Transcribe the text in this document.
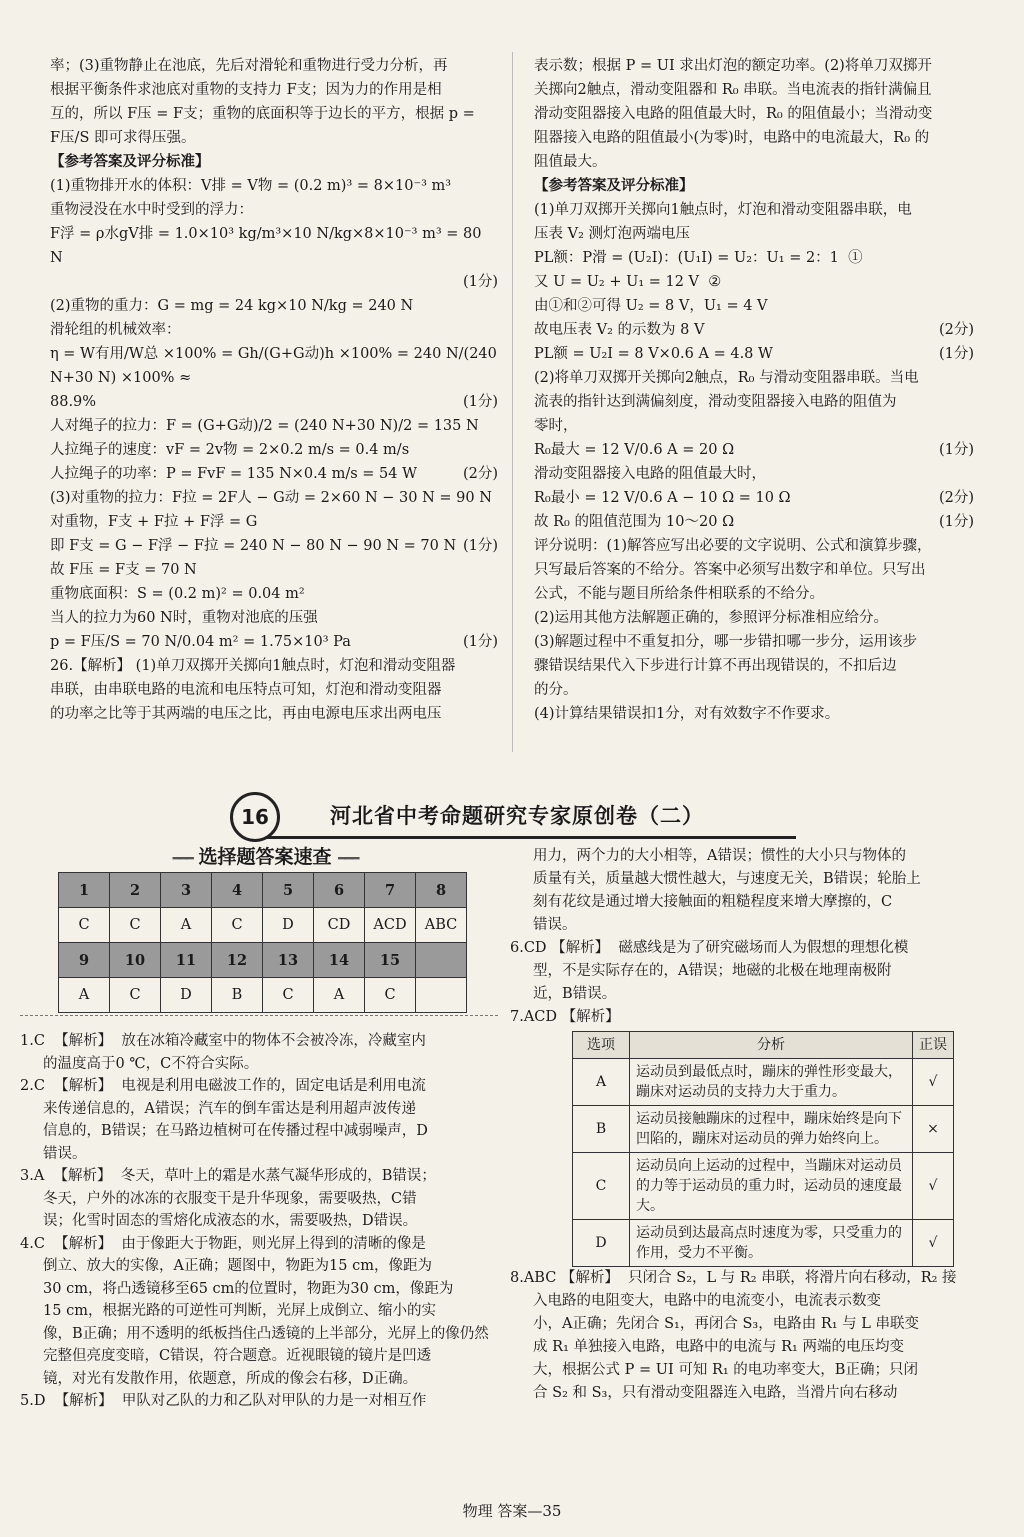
率；(3)重物静止在池底，先后对滑轮和重物进行受力分析，再

根据平衡条件求池底对重物的支持力 F支；因为力的作用是相

互的，所以 F压 = F支；重物的底面积等于边长的平方，根据 p =

F压/S 即可求得压强。

【参考答案及评分标准】

(1)重物排开水的体积：V排 = V物 = (0.2 m)³ = 8×10⁻³ m³

重物浸没在水中时受到的浮力：

F浮 = ρ水gV排 = 1.0×10³ kg/m³×10 N/kg×8×10⁻³ m³ = 80 N

(1分)

(2)重物的重力：G = mg = 24 kg×10 N/kg = 240 N

滑轮组的机械效率：

η = W有用/W总 ×100% = Gh/(G+G动)h ×100% = 240 N/(240 N+30 N) ×100% ≈

88.9%	(1分)

人对绳子的拉力：F = (G+G动)/2 = (240 N+30 N)/2 = 135 N

人拉绳子的速度：vF = 2v物 = 2×0.2 m/s = 0.4 m/s

人拉绳子的功率：P = FvF = 135 N×0.4 m/s = 54 W	(2分)

(3)对重物的拉力：F拉 = 2F人 − G动 = 2×60 N − 30 N = 90 N

对重物，F支 + F拉 + F浮 = G

即 F支 = G − F浮 − F拉 = 240 N − 80 N − 90 N = 70 N (1分)

故 F压 = F支 = 70 N

重物底面积：S = (0.2 m)² = 0.04 m²

当人的拉力为60 N时，重物对池底的压强

p = F压/S = 70 N/0.04 m² = 1.75×10³ Pa	(1分)

26.【解析】 (1)单刀双掷开关掷向1触点时，灯泡和滑动变阻器

串联，由串联电路的电流和电压特点可知，灯泡和滑动变阻器

的功率之比等于其两端的电压之比，再由电源电压求出两电压

表示数；根据 P = UI 求出灯泡的额定功率。(2)将单刀双掷开

关掷向2触点，滑动变阻器和 R₀ 串联。当电流表的指针满偏且

滑动变阻器接入电路的阻值最大时，R₀ 的阻值最小；当滑动变

阻器接入电路的阻值最小(为零)时，电路中的电流最大，R₀ 的

阻值最大。

【参考答案及评分标准】

(1)单刀双掷开关掷向1触点时，灯泡和滑动变阻器串联，电

压表 V₂ 测灯泡两端电压

PL额：P滑 = (U₂I)：(U₁I) = U₂：U₁ = 2：1  ①

又 U = U₂ + U₁ = 12 V  ②

由①和②可得 U₂ = 8 V，U₁ = 4 V

故电压表 V₂ 的示数为 8 V	(2分)

PL额 = U₂I = 8 V×0.6 A = 4.8 W	(1分)

(2)将单刀双掷开关掷向2触点，R₀ 与滑动变阻器串联。当电

流表的指针达到满偏刻度，滑动变阻器接入电路的阻值为

零时，

R₀最大 = 12 V/0.6 A = 20 Ω	(1分)

滑动变阻器接入电路的阻值最大时，

R₀最小 = 12 V/0.6 A − 10 Ω = 10 Ω	(2分)

故 R₀ 的阻值范围为 10～20 Ω	(1分)

评分说明：(1)解答应写出必要的文字说明、公式和演算步骤，

只写最后答案的不给分。答案中必须写出数字和单位。只写出

公式，不能与题目所给条件相联系的不给分。

(2)运用其他方法解题正确的，参照评分标准相应给分。

(3)解题过程中不重复扣分，哪一步错扣哪一步分，运用该步

骤错误结果代入下步进行计算不再出现错误的，不扣后边

的分。

(4)计算结果错误扣1分，对有效数字不作要求。

16	河北省中考命题研究专家原创卷（二）
━━━ 选择题答案速查 ━━━
1	2	3	4	5	6	7	8
C	C	A	C	D	CD	ACD	ABC
9	10	11	12	13	14	15	
A	C	D	B	C	A	C	

1.C  【解析】  放在冰箱冷藏室中的物体不会被冷冻，冷藏室内

的温度高于0 ℃，C不符合实际。

2.C  【解析】  电视是利用电磁波工作的，固定电话是利用电流

来传递信息的，A错误；汽车的倒车雷达是利用超声波传递

信息的，B错误；在马路边植树可在传播过程中减弱噪声，D

错误。

3.A  【解析】  冬天，草叶上的霜是水蒸气凝华形成的，B错误；

冬天，户外的冰冻的衣服变干是升华现象，需要吸热，C错

误；化雪时固态的雪熔化成液态的水，需要吸热，D错误。

4.C  【解析】  由于像距大于物距，则光屏上得到的清晰的像是

倒立、放大的实像，A正确；题图中，物距为15 cm，像距为

30 cm，将凸透镜移至65 cm的位置时，物距为30 cm，像距为

15 cm，根据光路的可逆性可判断，光屏上成倒立、缩小的实

像，B正确；用不透明的纸板挡住凸透镜的上半部分，光屏上的像仍然

完整但亮度变暗，C错误，符合题意。近视眼镜的镜片是凹透

镜，对光有发散作用，依题意，所成的像会右移，D正确。

5.D  【解析】  甲队对乙队的力和乙队对甲队的力是一对相互作

用力，两个力的大小相等，A错误；惯性的大小只与物体的

质量有关，质量越大惯性越大，与速度无关，B错误；轮胎上

刻有花纹是通过增大接触面的粗糙程度来增大摩擦的，C

错误。

6.CD 【解析】  磁感线是为了研究磁场而人为假想的理想化模

型，不是实际存在的，A错误；地磁的北极在地理南极附

近，B错误。

7.ACD 【解析】

选项	分析	正误
A	运动员到最低点时，蹦床的弹性形变最大，蹦床对运动员的支持力大于重力。	√
B	运动员接触蹦床的过程中，蹦床始终是向下凹陷的，蹦床对运动员的弹力始终向上。	×
C	运动员向上运动的过程中，当蹦床对运动员的力等于运动员的重力时，运动员的速度最大。	√
D	运动员到达最高点时速度为零，只受重力的作用，受力不平衡。	√

8.ABC 【解析】  只闭合 S₂，L 与 R₂ 串联，将滑片向右移动，R₂ 接

入电路的电阻变大，电路中的电流变小，电流表示数变

小，A正确；先闭合 S₁，再闭合 S₃，电路由 R₁ 与 L 串联变

成 R₁ 单独接入电路，电路中的电流与 R₁ 两端的电压均变

大，根据公式 P = UI 可知 R₁ 的电功率变大，B正确；只闭

合 S₂ 和 S₃，只有滑动变阻器连入电路，当滑片向右移动

物理 答案—35
